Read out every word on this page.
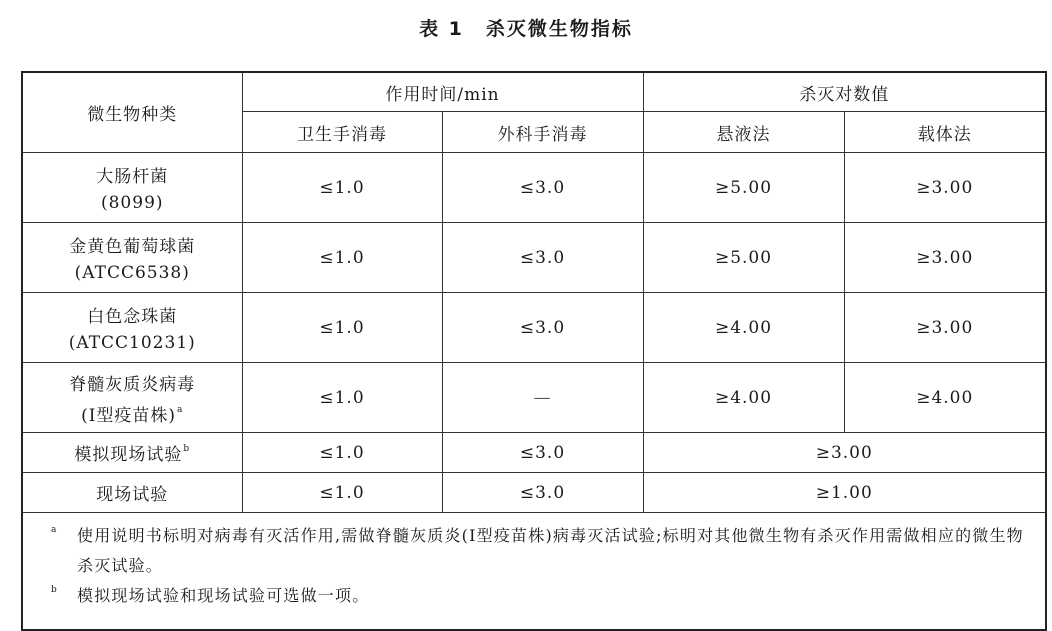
表 1 杀灭微生物指标
微生物种类	作用时间/min		杀灭对数值	
	卫生手消毒	外科手消毒	悬液法	载体法
大肠杆菌
(8099)	≤1.0	≤3.0	≥5.00	≥3.00
金黄色葡萄球菌
(ATCC6538)	≤1.0	≤3.0	≥5.00	≥3.00
白色念珠菌
(ATCC10231)	≤1.0	≤3.0	≥4.00	≥3.00
脊髓灰质炎病毒
(Ⅰ型疫苗株)$^a$	≤1.0	—	≥4.00	≥4.00
模拟现场试验$^b$	≤1.0	≤3.0	≥3.00	
现场试验	≤1.0	≤3.0	≥1.00	

a 使用说明书标明对病毒有灭活作用,需做脊髓灰质炎(Ⅰ型疫苗株)病毒灭活试验;标明对其他微生物有杀灭作用需做相应的微生物杀灭试验。
b 模拟现场试验和现场试验可选做一项。				
